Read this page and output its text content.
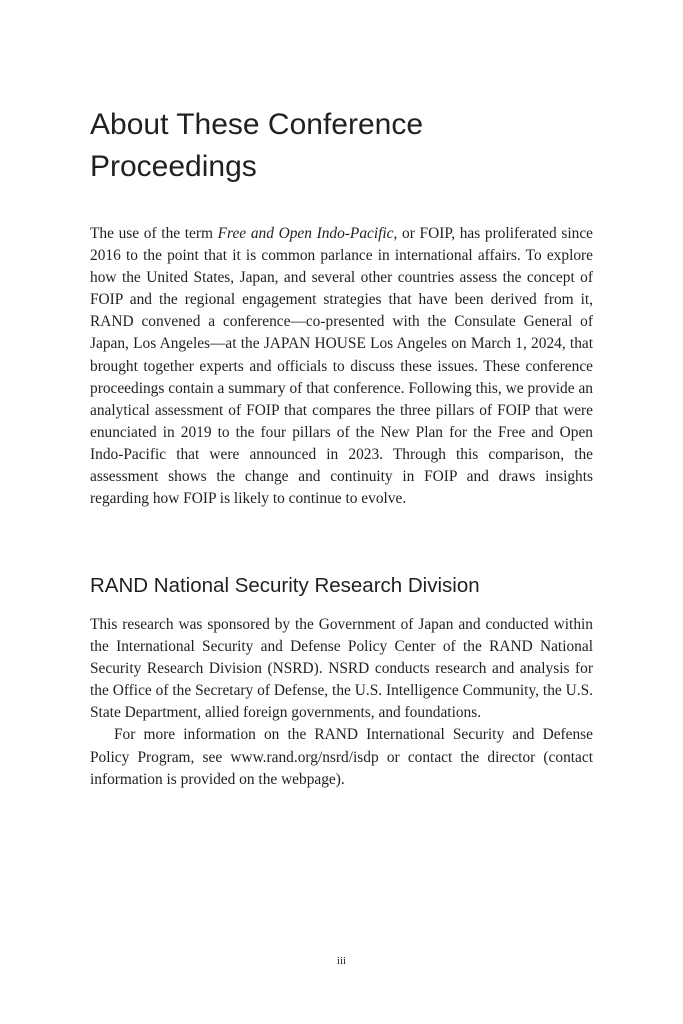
About These Conference
Proceedings

The use of the term Free and Open Indo-Pacific, or FOIP, has proliferated since 2016 to the point that it is common parlance in international affairs. To explore how the United States, Japan, and several other countries assess the concept of FOIP and the regional engagement strategies that have been derived from it, RAND convened a conference—co-presented with the Consulate General of Japan, Los Angeles—at the JAPAN HOUSE Los Angeles on March 1, 2024, that brought together experts and officials to discuss these issues. These conference proceedings contain a summary of that conference. Following this, we provide an analytical assessment of FOIP that compares the three pillars of FOIP that were enunciated in 2019 to the four pillars of the New Plan for the Free and Open Indo-Pacific that were announced in 2023. Through this comparison, the assessment shows the change and continuity in FOIP and draws insights regarding how FOIP is likely to continue to evolve.

RAND National Security Research Division

This research was sponsored by the Government of Japan and conducted within the International Security and Defense Policy Center of the RAND National Security Research Division (NSRD). NSRD conducts research and analysis for the Office of the Secretary of Defense, the U.S. Intelligence Community, the U.S. State Department, allied foreign governments, and foundations.

For more information on the RAND International Security and Defense Policy Program, see www.rand.org/nsrd/isdp or contact the director (contact information is provided on the webpage).

iii
